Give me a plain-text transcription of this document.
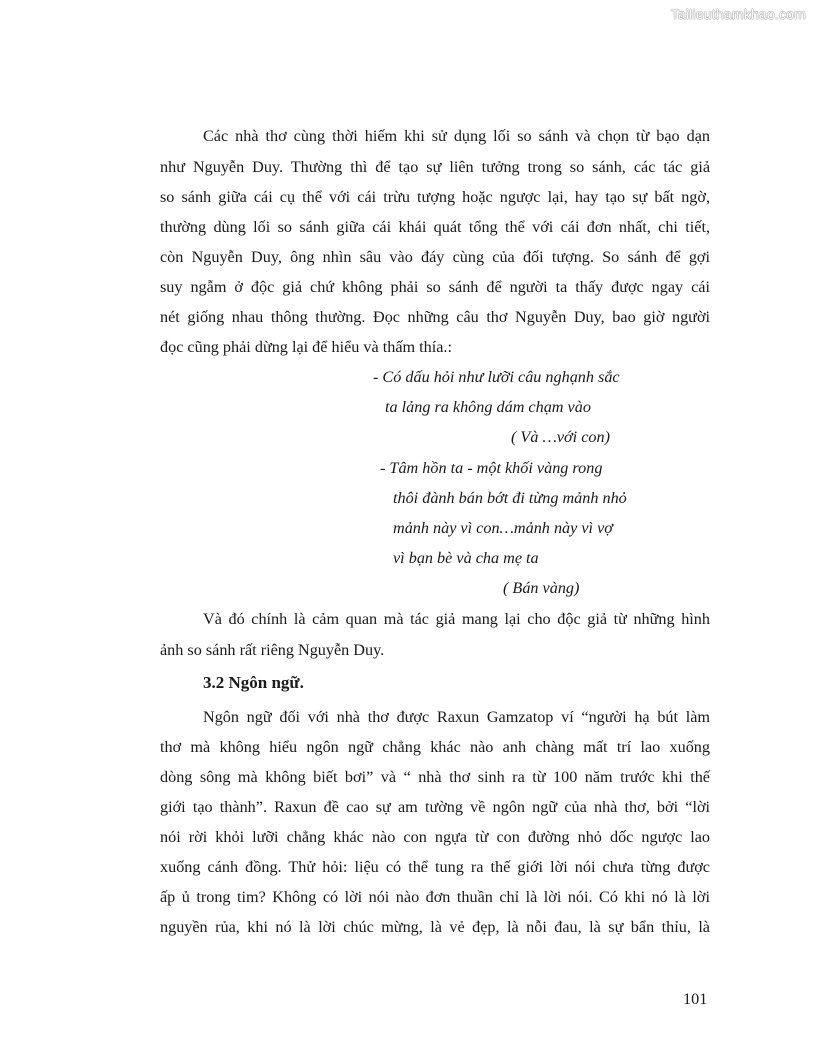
Tailieuthamkhao.com
Các nhà thơ cùng thời hiếm khi sử dụng lối so sánh và chọn từ bạo dạn
như Nguyễn Duy. Thường thì để tạo sự liên tưởng trong so sánh, các tác giả
so sánh giữa cái cụ thể với cái trừu tượng hoặc ngược lại, hay tạo sự bất ngờ,
thường dùng lối so sánh giữa cái khái quát tổng thể với cái đơn nhất, chi tiết,
còn Nguyễn Duy, ông nhìn sâu vào đáy cùng của đối tượng. So sánh để gợi
suy ngẫm ở độc giả chứ không phải so sánh để người ta thấy được ngay cái
nét giống nhau thông thường. Đọc những câu thơ Nguyễn Duy, bao giờ người
đọc cũng phải dừng lại để hiểu và thấm thía.:
- Có dấu hỏi như lưỡi câu nghạnh sắc
ta lảng ra không dám chạm vào
( Và …với con)
- Tâm hồn ta - một khối vàng rong
thôi đành bán bớt đi từng mảnh nhỏ
mảnh này vì con…mảnh này vì vợ
vì bạn bè và cha mẹ ta
( Bán vàng)
Và đó chính là cảm quan mà tác giả mang lại cho độc giả từ những hình
ảnh so sánh rất riêng Nguyễn Duy.
3.2 Ngôn ngữ.
Ngôn ngữ đối với nhà thơ được Raxun Gamzatop ví “người hạ bút làm
thơ mà không hiểu ngôn ngữ chẳng khác nào anh chàng mất trí lao xuống
dòng sông mà không biết bơi” và “ nhà thơ sinh ra từ 100 năm trước khi thế
giới tạo thành”. Raxun đề cao sự am tường về ngôn ngữ của nhà thơ, bởi “lời
nói rời khỏi lưỡi chẳng khác nào con ngựa từ con đường nhỏ dốc ngược lao
xuống cánh đồng. Thử hỏi: liệu có thể tung ra thế giới lời nói chưa từng được
ấp ủ trong tim? Không có lời nói nào đơn thuần chỉ là lời nói. Có khi nó là lời
nguyền rủa, khi nó là lời chúc mừng, là vẻ đẹp, là nỗi đau, là sự bẩn thỉu, là
101
